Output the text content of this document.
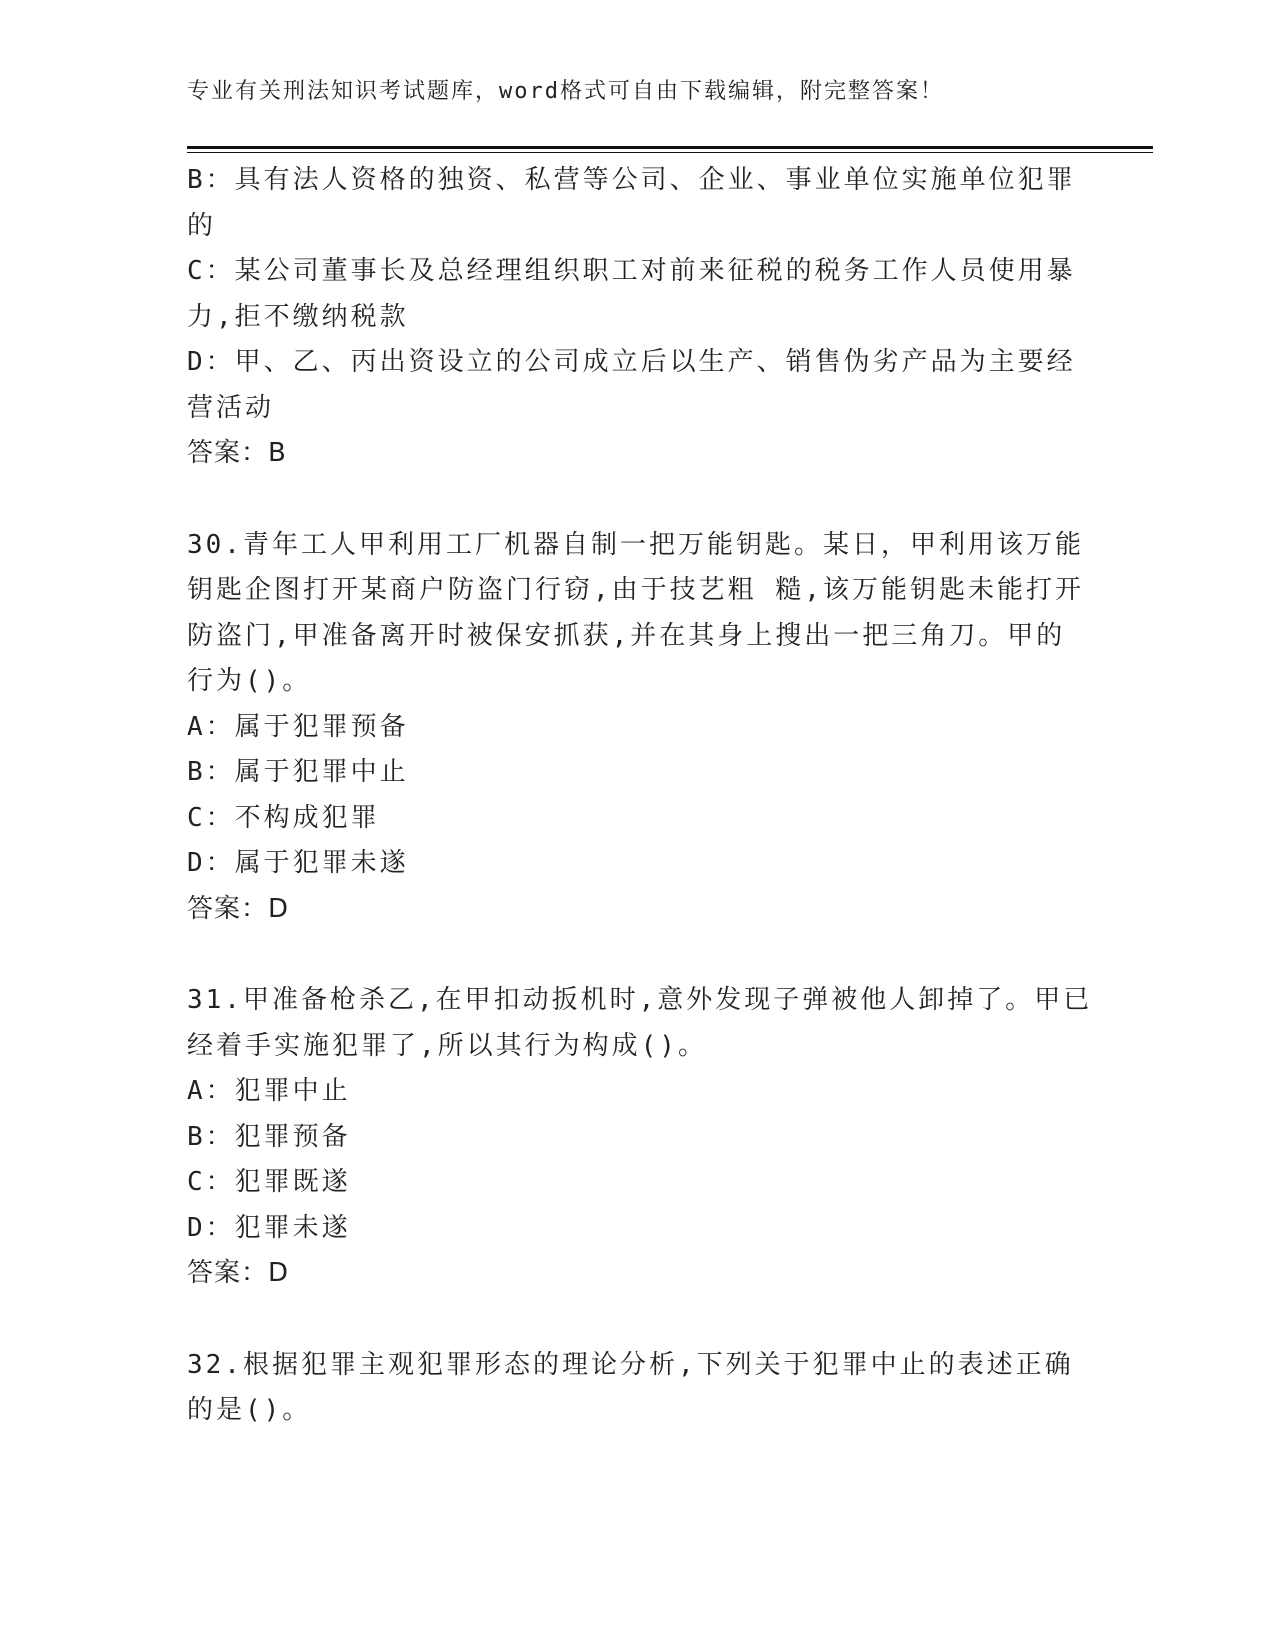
专业有关刑法知识考试题库，word格式可自由下载编辑，附完整答案！
B：具有法人资格的独资、私营等公司、企业、事业单位实施单位犯罪
的
C：某公司董事长及总经理组织职工对前来征税的税务工作人员使用暴
力,拒不缴纳税款
D：甲、乙、丙出资设立的公司成立后以生产、销售伪劣产品为主要经
营活动
答案：B
30.青年工人甲利用工厂机器自制一把万能钥匙。某日，甲利用该万能
钥匙企图打开某商户防盗门行窃,由于技艺粗 糙,该万能钥匙未能打开
防盗门,甲准备离开时被保安抓获,并在其身上搜出一把三角刀。甲的
行为()。
A：属于犯罪预备
B：属于犯罪中止
C：不构成犯罪
D：属于犯罪未遂
答案：D
31.甲准备枪杀乙,在甲扣动扳机时,意外发现子弹被他人卸掉了。甲已
经着手实施犯罪了,所以其行为构成()。
A：犯罪中止
B：犯罪预备
C：犯罪既遂
D：犯罪未遂
答案：D
32.根据犯罪主观犯罪形态的理论分析,下列关于犯罪中止的表述正确
的是()。
